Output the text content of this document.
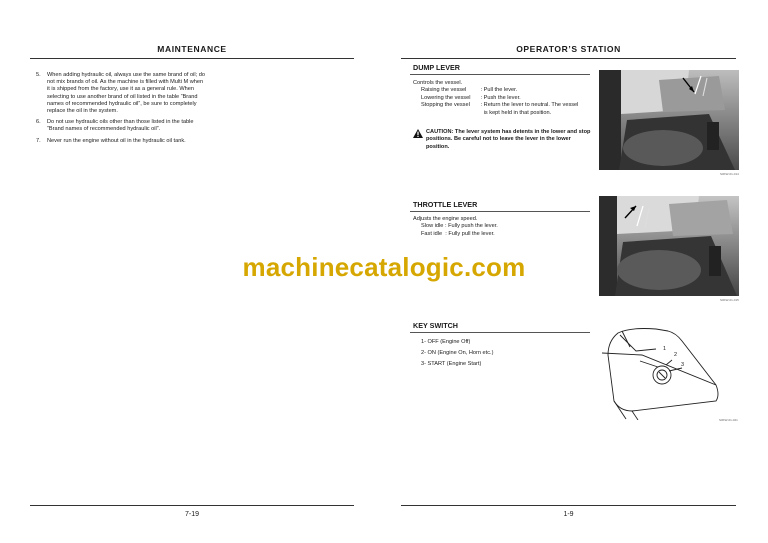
MAINTENANCE
5.	When adding hydraulic oil, always use the same brand of oil; do not mix brands of oil. As the machine is filled with Multi M when it is shipped from the factory, use it as a general rule. When selecting to use another brand of oil listed in the table “Brand names of recommended hydraulic oil”, be sure to completely replace the oil in the system.
6.	Do not use hydraulic oils other than those listed in the table “Brand names of recommended hydraulic oil”.
7.	Never run the engine without oil in the hydraulic oil tank.
7-19
OPERATOR’S STATION
DUMP LEVER
Controls the vessel.
Raising the vessel	: Pull the lever.
Lowering the vessel	: Push the lever.
Stopping the vessel	: Return the lever to neutral. The vessel is kept held in that position.
CAUTION: The lever system has detents in the lower and stop positions. Be careful not to leave the lever in the lower position.
S0KW-01-014
THROTTLE LEVER
Adjusts the engine speed.
Slow idle : Fully push the lever.
Fast idle : Fully pull the lever.
S0KW-01-015
KEY SWITCH
1- OFF (Engine Off)
2- ON (Engine On, Horn etc.)
3- START (Engine Start)
1
2
3
S0KW-01-021
1-9
machinecatalogic.com
